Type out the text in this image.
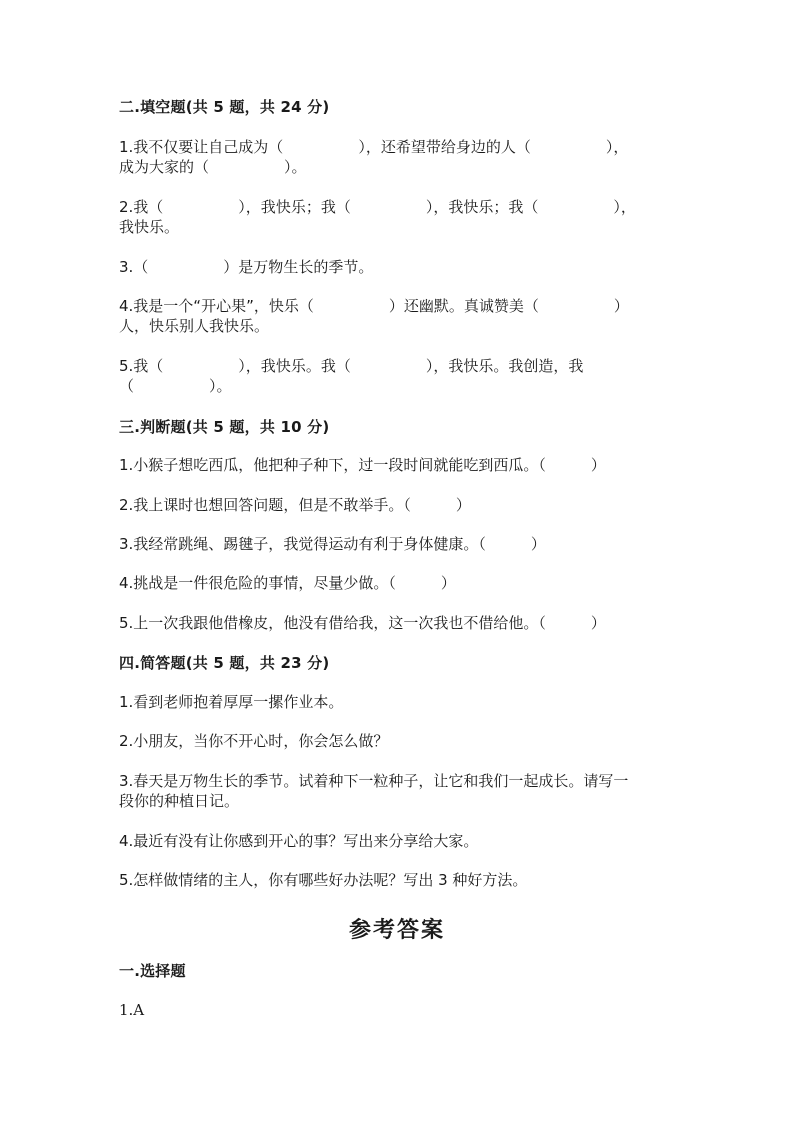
二.填空题(共 5 题，共 24 分)
1.我不仅要让自己成为（　　　　　），还希望带给身边的人（　　　　　），
成为大家的（　　　　　）。
2.我（　　　　　），我快乐；我（　　　　　），我快乐；我（　　　　　），
我快乐。
3.（　　　　　）是万物生长的季节。
4.我是一个“开心果”，快乐（　　　　　）还幽默。真诚赞美（　　　　　）
人，快乐别人我快乐。
5.我（　　　　　），我快乐。我（　　　　　），我快乐。我创造，我
（　　　　　）。
三.判断题(共 5 题，共 10 分)
1.小猴子想吃西瓜，他把种子种下，过一段时间就能吃到西瓜。（　　　）
2.我上课时也想回答问题，但是不敢举手。（　　　）
3.我经常跳绳、踢毽子，我觉得运动有利于身体健康。（　　　）
4.挑战是一件很危险的事情，尽量少做。（　　　）
5.上一次我跟他借橡皮，他没有借给我，这一次我也不借给他。（　　　）
四.简答题(共 5 题，共 23 分)
1.看到老师抱着厚厚一摞作业本。
2.小朋友，当你不开心时，你会怎么做？
3.春天是万物生长的季节。试着种下一粒种子，让它和我们一起成长。请写一
段你的种植日记。
4.最近有没有让你感到开心的事？写出来分享给大家。
5.怎样做情绪的主人，你有哪些好办法呢？写出 3 种好方法。
参考答案
一.选择题
1.A
